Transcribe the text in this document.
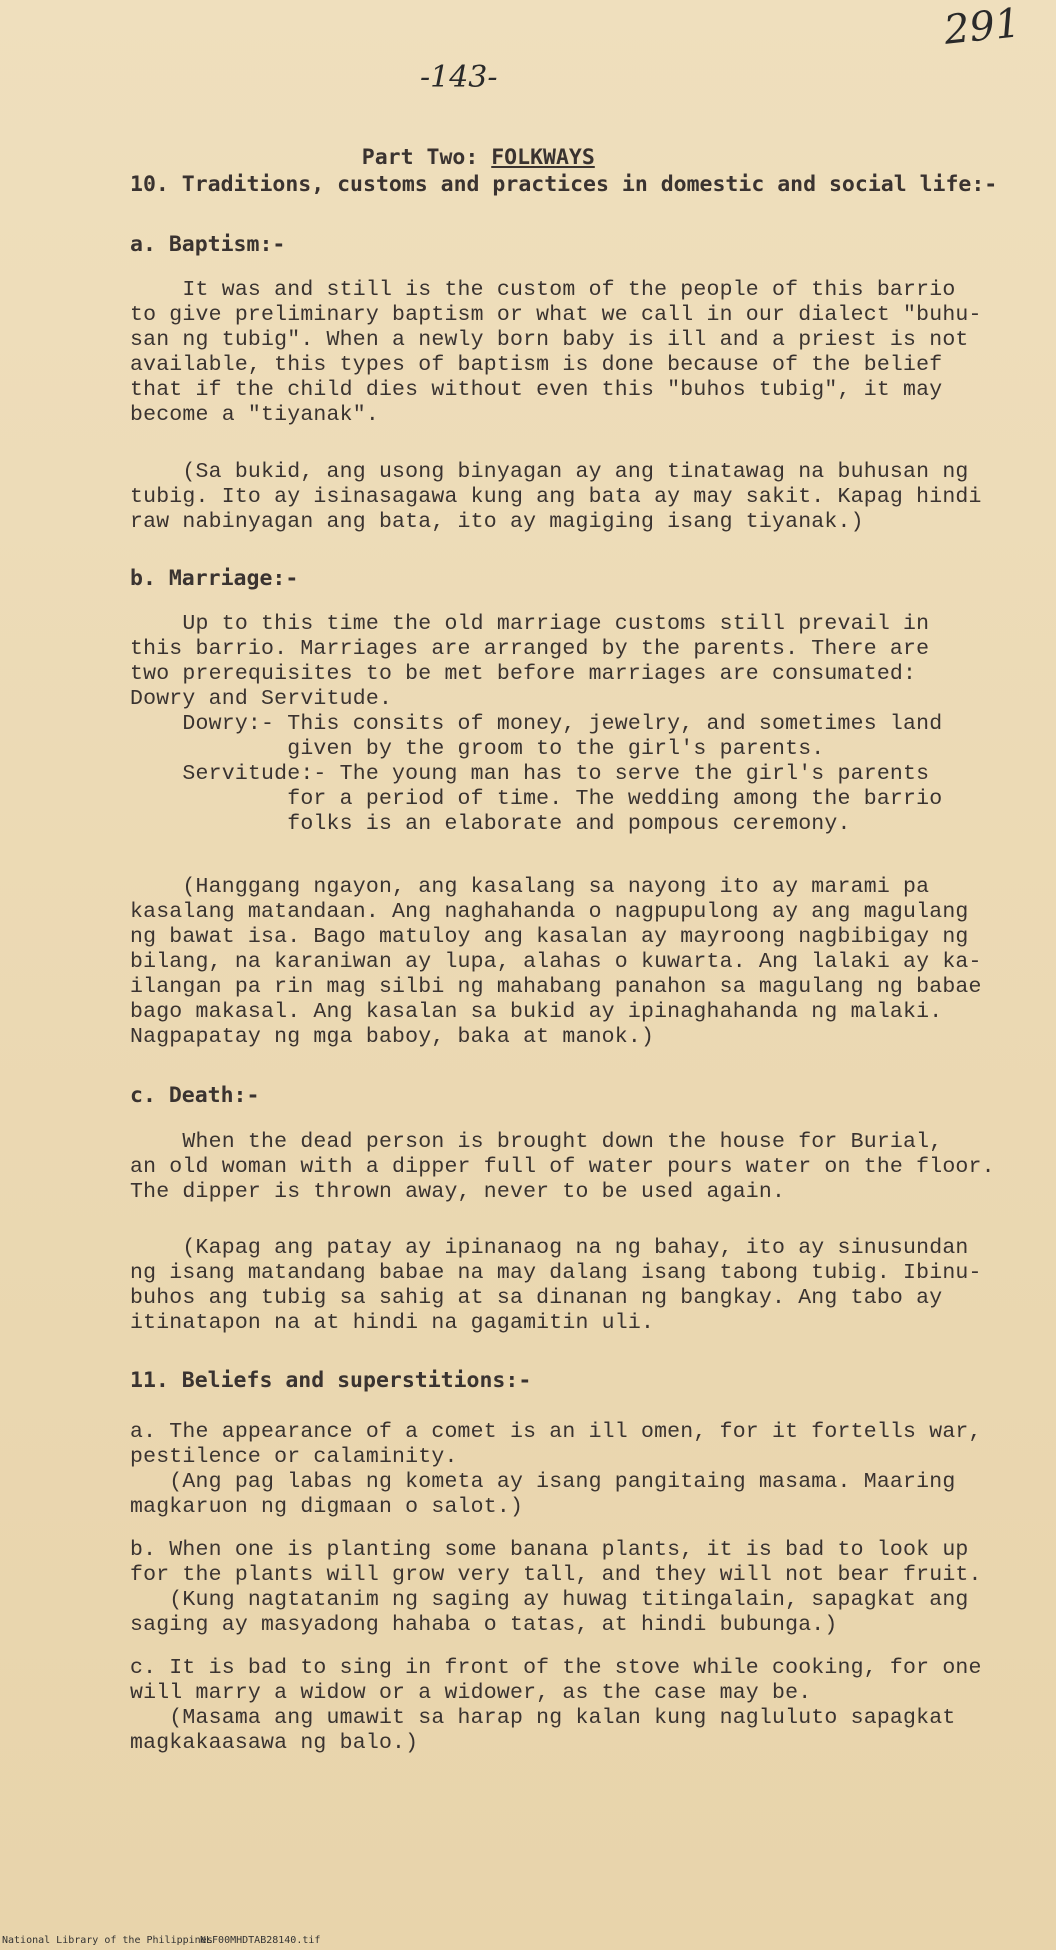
291
-143-

Part Two: FOLKWAYS

10. Traditions, customs and practices in domestic and social life:-
a. Baptism:-
It was and still is the custom of the people of this barrio
to give preliminary baptism or what we call in our dialect "buhu-
san ng tubig". When a newly born baby is ill and a priest is not
available, this types of baptism is done because of the belief
that if the child dies without even this "buhos tubig", it may
become a "tiyanak".
(Sa bukid, ang usong binyagan ay ang tinatawag na buhusan ng
tubig. Ito ay isinasagawa kung ang bata ay may sakit. Kapag hindi
raw nabinyagan ang bata, ito ay magiging isang tiyanak.)
b. Marriage:-
Up to this time the old marriage customs still prevail in
this barrio. Marriages are arranged by the parents. There are
two prerequisites to be met before marriages are consumated:
Dowry and Servitude.
Dowry:- This consits of money, jewelry, and sometimes land
given by the groom to the girl's parents.
Servitude:- The young man has to serve the girl's parents
for a period of time. The wedding among the barrio
folks is an elaborate and pompous ceremony.
(Hanggang ngayon, ang kasalang sa nayong ito ay marami pa
kasalang matandaan. Ang naghahanda o nagpupulong ay ang magulang
ng bawat isa. Bago matuloy ang kasalan ay mayroong nagbibigay ng
bilang, na karaniwan ay lupa, alahas o kuwarta. Ang lalaki ay ka-
ilangan pa rin mag silbi ng mahabang panahon sa magulang ng babae
bago makasal. Ang kasalan sa bukid ay ipinaghahanda ng malaki.
Nagpapatay ng mga baboy, baka at manok.)
c. Death:-
When the dead person is brought down the house for Burial,
an old woman with a dipper full of water pours water on the floor.
The dipper is thrown away, never to be used again.
(Kapag ang patay ay ipinanaog na ng bahay, ito ay sinusundan
ng isang matandang babae na may dalang isang tabong tubig. Ibinu-
buhos ang tubig sa sahig at sa dinanan ng bangkay. Ang tabo ay
itinatapon na at hindi na gagamitin uli.
11. Beliefs and superstitions:-
a. The appearance of a comet is an ill omen, for it fortells war,
pestilence or calaminity.
(Ang pag labas ng kometa ay isang pangitaing masama. Maaring
magkaruon ng digmaan o salot.)
b. When one is planting some banana plants, it is bad to look up
for the plants will grow very tall, and they will not bear fruit.
(Kung nagtatanim ng saging ay huwag titingalain, sapagkat ang
saging ay masyadong hahaba o tatas, at hindi bubunga.)
c. It is bad to sing in front of the stove while cooking, for one
will marry a widow or a widower, as the case may be.
(Masama ang umawit sa harap ng kalan kung nagluluto sapagkat
magkakaasawa ng balo.)
National Library of the Philippines
NLF00MHDTAB28140.tif
